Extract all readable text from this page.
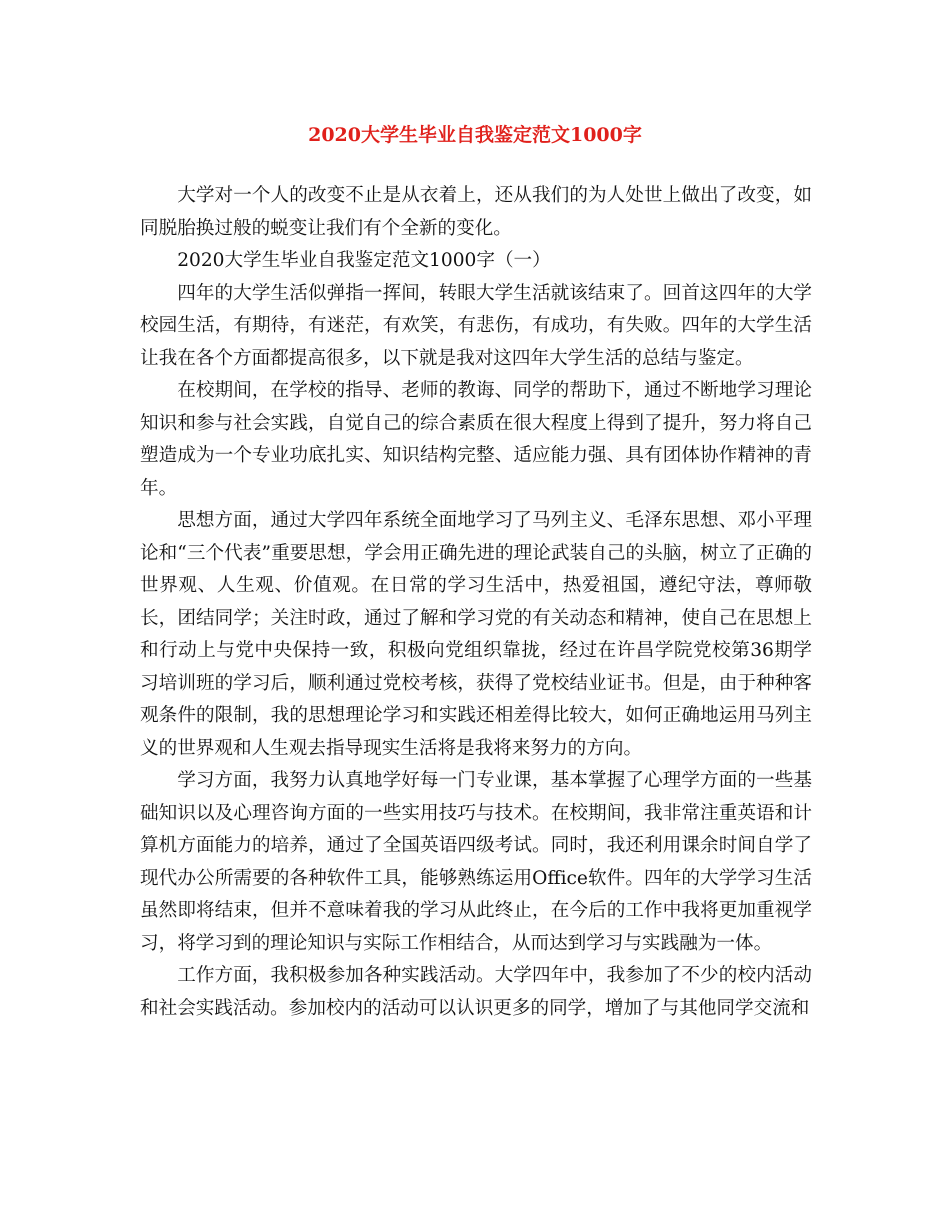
2020大学生毕业自我鉴定范文1000字

大学对一个人的改变不止是从衣着上，还从我们的为人处世上做出了改变，如同脱胎换过般的蜕变让我们有个全新的变化。

2020大学生毕业自我鉴定范文1000字（一）

四年的大学生活似弹指一挥间，转眼大学生活就该结束了。回首这四年的大学校园生活，有期待，有迷茫，有欢笑，有悲伤，有成功，有失败。四年的大学生活让我在各个方面都提高很多，以下就是我对这四年大学生活的总结与鉴定。

在校期间，在学校的指导、老师的教诲、同学的帮助下，通过不断地学习理论知识和参与社会实践，自觉自己的综合素质在很大程度上得到了提升，努力将自己塑造成为一个专业功底扎实、知识结构完整、适应能力强、具有团体协作精神的青年。

思想方面，通过大学四年系统全面地学习了马列主义、毛泽东思想、邓小平理论和“三个代表”重要思想，学会用正确先进的理论武装自己的头脑，树立了正确的世界观、人生观、价值观。在日常的学习生活中，热爱祖国，遵纪守法，尊师敬长，团结同学；关注时政，通过了解和学习党的有关动态和精神，使自己在思想上和行动上与党中央保持一致，积极向党组织靠拢，经过在许昌学院党校第36期学习培训班的学习后，顺利通过党校考核，获得了党校结业证书。但是，由于种种客观条件的限制，我的思想理论学习和实践还相差得比较大，如何正确地运用马列主义的世界观和人生观去指导现实生活将是我将来努力的方向。

学习方面，我努力认真地学好每一门专业课，基本掌握了心理学方面的一些基础知识以及心理咨询方面的一些实用技巧与技术。在校期间，我非常注重英语和计算机方面能力的培养，通过了全国英语四级考试。同时，我还利用课余时间自学了现代办公所需要的各种软件工具，能够熟练运用Office软件。四年的大学学习生活虽然即将结束，但并不意味着我的学习从此终止，在今后的工作中我将更加重视学习，将学习到的理论知识与实际工作相结合，从而达到学习与实践融为一体。

工作方面，我积极参加各种实践活动。大学四年中，我参加了不少的校内活动和社会实践活动。参加校内的活动可以认识更多的同学，增加了与其他同学交流和
